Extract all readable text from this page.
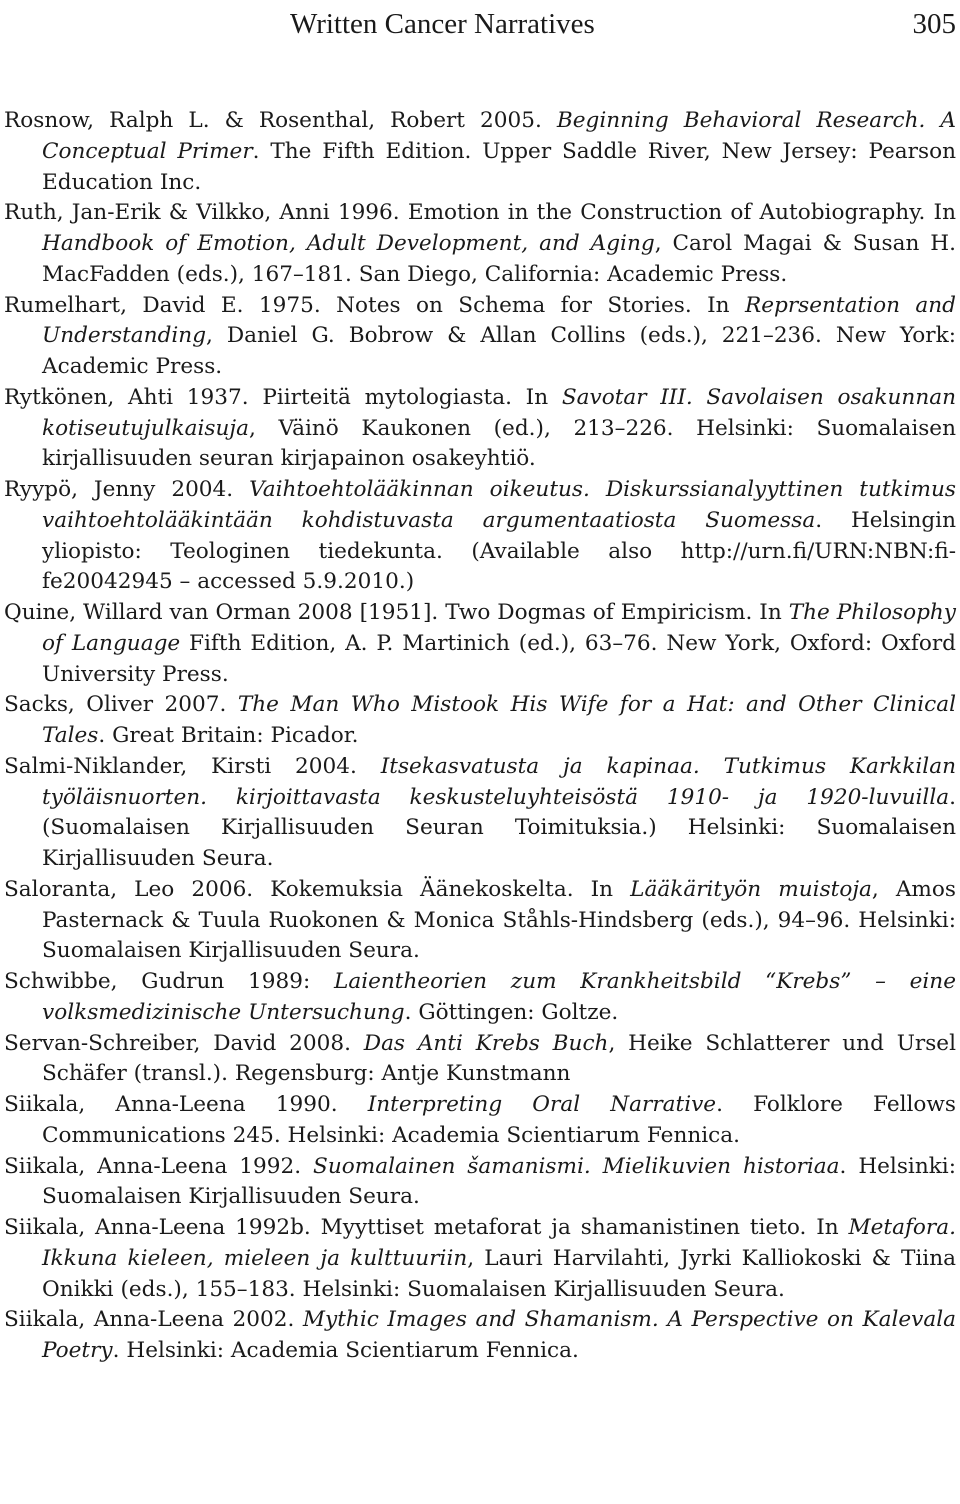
Written Cancer Narratives	305

Rosnow, Ralph L. & Rosenthal, Robert 2005. Beginning Behavioral Research. A Conceptual Primer. The Fifth Edition. Upper Saddle River, New Jersey: Pearson Education Inc.

Ruth, Jan-Erik & Vilkko, Anni 1996. Emotion in the Construction of Autobiography. In Handbook of Emotion, Adult Development, and Aging, Carol Magai & Susan H. MacFadden (eds.), 167–181. San Diego, California: Academic Press.

Rumelhart, David E. 1975. Notes on Schema for Stories. In Reprsentation and Understanding, Daniel G. Bobrow & Allan Collins (eds.), 221–236. New York: Academic Press.

Rytkönen, Ahti 1937. Piirteitä mytologiasta. In Savotar III. Savolaisen osakunnan kotiseutujulkaisuja, Väinö Kaukonen (ed.), 213–226. Helsinki: Suomalaisen kirjallisuuden seuran kirjapainon osakeyhtiö.

Ryypö, Jenny 2004. Vaihtoehtolääkinnan oikeutus. Diskurssianalyyttinen tutkimus vaihtoehtolääkintään kohdistuvasta argumentaatiosta Suomessa. Helsingin yliopisto: Teologinen tiedekunta. (Available also http://urn.fi/URN:NBN:fi-fe20042945 – accessed 5.9.2010.)

Quine, Willard van Orman 2008 [1951]. Two Dogmas of Empiricism. In The Philosophy of Language Fifth Edition, A. P. Martinich (ed.), 63–76. New York, Oxford: Oxford University Press.

Sacks, Oliver 2007. The Man Who Mistook His Wife for a Hat: and Other Clinical Tales. Great Britain: Picador.

Salmi-Niklander, Kirsti 2004. Itsekasvatusta ja kapinaa. Tutkimus Karkkilan työläisnuorten. kirjoittavasta keskusteluyhteisöstä 1910- ja 1920-luvuilla. (Suomalaisen Kirjallisuuden Seuran Toimituksia.) Helsinki: Suomalaisen Kirjallisuuden Seura.

Saloranta, Leo 2006. Kokemuksia Äänekoskelta. In Lääkärityön muistoja, Amos Pasternack & Tuula Ruokonen & Monica Ståhls-Hindsberg (eds.), 94–96. Helsinki: Suomalaisen Kirjallisuuden Seura.

Schwibbe, Gudrun 1989: Laientheorien zum Krankheitsbild “Krebs” – eine volksmedizinische Untersuchung. Göttingen: Goltze.

Servan-Schreiber, David 2008. Das Anti Krebs Buch, Heike Schlatterer und Ursel Schäfer (transl.). Regensburg: Antje Kunstmann

Siikala, Anna-Leena 1990. Interpreting Oral Narrative. Folklore Fellows Communications 245. Helsinki: Academia Scientiarum Fennica.

Siikala, Anna-Leena 1992. Suomalainen šamanismi. Mielikuvien historiaa. Helsinki: Suomalaisen Kirjallisuuden Seura.

Siikala, Anna-Leena 1992b. Myyttiset metaforat ja shamanistinen tieto. In Metafora. Ikkuna kieleen, mieleen ja kulttuuriin, Lauri Harvilahti, Jyrki Kalliokoski & Tiina Onikki (eds.), 155–183. Helsinki: Suomalaisen Kirjallisuuden Seura.

Siikala, Anna-Leena 2002. Mythic Images and Shamanism. A Perspective on Kalevala Poetry. Helsinki: Academia Scientiarum Fennica.
